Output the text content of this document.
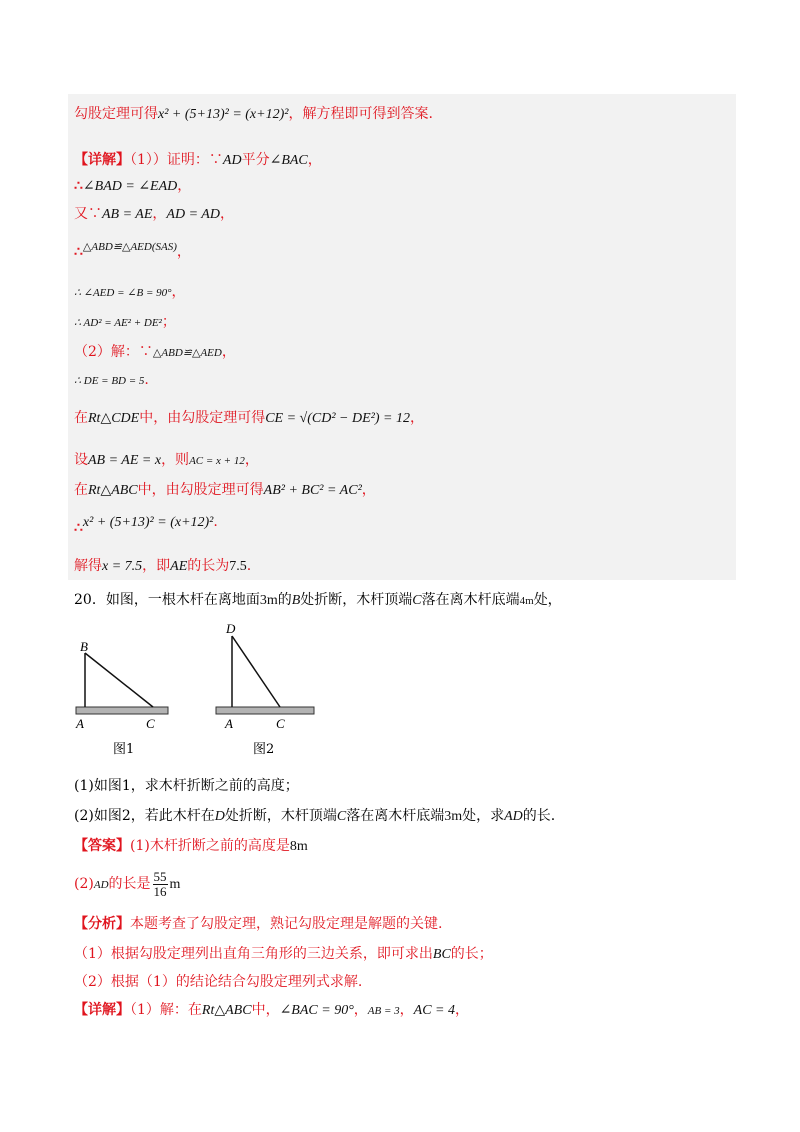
勾股定理可得x² + (5+13)² = (x+12)²，解方程即可得到答案.
【详解】（1））证明：∵AD平分∠BAC，
∴∠BAD = ∠EAD，
又∵AB = AE，AD = AD，
∴△ABD≌△AED(SAS)，
∴ ∠AED = ∠B = 90°，
∴ AD² = AE² + DE²；
（2）解：∵△ABD≌△AED，
∴ DE = BD = 5.
在Rt△CDE中，由勾股定理可得CE = √(CD² − DE²) = 12，
设AB = AE = x，则AC = x + 12，
在Rt△ABC中，由勾股定理可得AB² + BC² = AC²，
∴x² + (5+13)² = (x+12)².
解得x = 7.5，即AE的长为7.5.
20．如图，一根木杆在离地面3m的B处折断，木杆顶端C落在离木杆底端4m处，
B
A	C
图1
D
A	C
图2
(1)如图1，求木杆折断之前的高度；
(2)如图2，若此木杆在D处折断，木杆顶端C落在离木杆底端3m处，求AD的长.
【答案】(1)木杆折断之前的高度是8m
(2)AD的长是 $\frac{55}{16}$ m
【分析】本题考查了勾股定理，熟记勾股定理是解题的关键.
（1）根据勾股定理列出直角三角形的三边关系，即可求出BC的长；
（2）根据（1）的结论结合勾股定理列式求解.
【详解】（1）解：在Rt△ABC中，∠BAC = 90°，AB = 3，AC = 4，
